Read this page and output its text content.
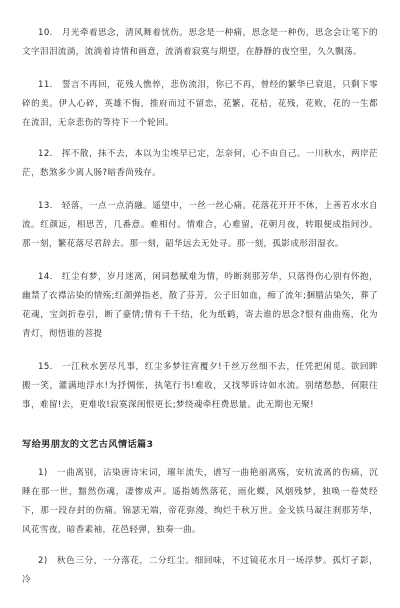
10.　月光牵着思念，清风舞着忧伤。思念是一种痛，思念是一种伤，思念会让笔下的文字泪泪流淌，流淌着诗情和画意，流淌着寂寞与期望，在静静的夜空里，久久飘荡。

11.　誓言不再回，花残人憔悴，悲伤流泪，你已不再，曾经的繁华已衰退，只剩下零碎的美。伊人心碎，英雄不悔，推府而过不留恋，花繁，花枯，花残，花败，花的一生都在流泪，无奈悲伤的等待下一个轮回。

12.　挥不散，抹不去，本以为尘埃早已定，怎奈何，心不由自己。一川秋水，两岸茫茫，愁煞多少离人肠?暗香尚残存。

13.　轻落，一点一点消融。遥望中，一丝一丝心痛。花落花开开不休，上善若水水自流。红颜远，相思苦，几番意。难相付。情难合，心难留，花朝月夜，转眼便成指间沙。那一刻，繁花落尽君辞去。那一刻，韶华远去无处寻。那一刻，孤影成形泪湿衣。

14.　红尘有梦，岁月迷离，闲词愁赋难为情，吟断刹那芳华，只落得伤心别有怀抱，幽禁了衣襟沾染的情殇;红颜弹指老，散了芬芳，公子旧如血，痴了流年;捆腊沾染矢，葬了花魂，宝剑折卷引，断了豪情;情有千千结，化为纸鹤，寄去谁的思念?恨有曲曲殇，化为青灯，彻悟谁的菩提

15.　一江秋水罢尽凡事，红尘多梦往宵覆夕!千丝万丝细不去，任凭把闲觅。欲回眸搬一笑，灌满地浮水!为抒惆怅，执笔行书!难收，又找琴诉诗如水流。别绪愁愁，何限往事，难留!去，更难收!寂寞深闺恨更长;梦绕魂牵枉费思量。此无期也无聚!

写给男朋友的文艺古风情话篇3

1)　一曲离别，沾染唐诗宋词，璀年流失，谱写一曲艳丽离殇，安杭流离的伤痛，沉睡在那一世，黯然伤魂，凄惨成声。遥指嫣然落花，雨化蝶，风烟残梦，独唤一卷焚经下，那一段存封的伤痛。锦瑟无端，帝花弥漫，绚烂千秋万世。金戈铁马凝注刹那芳华，风花雪夜，暗香素袖，花邑轻弹，独奏一曲。

2)　秋色三分，一分落花，二分红尘。细回味，不过镜花水月一场浮梦。孤灯孑影，冷
